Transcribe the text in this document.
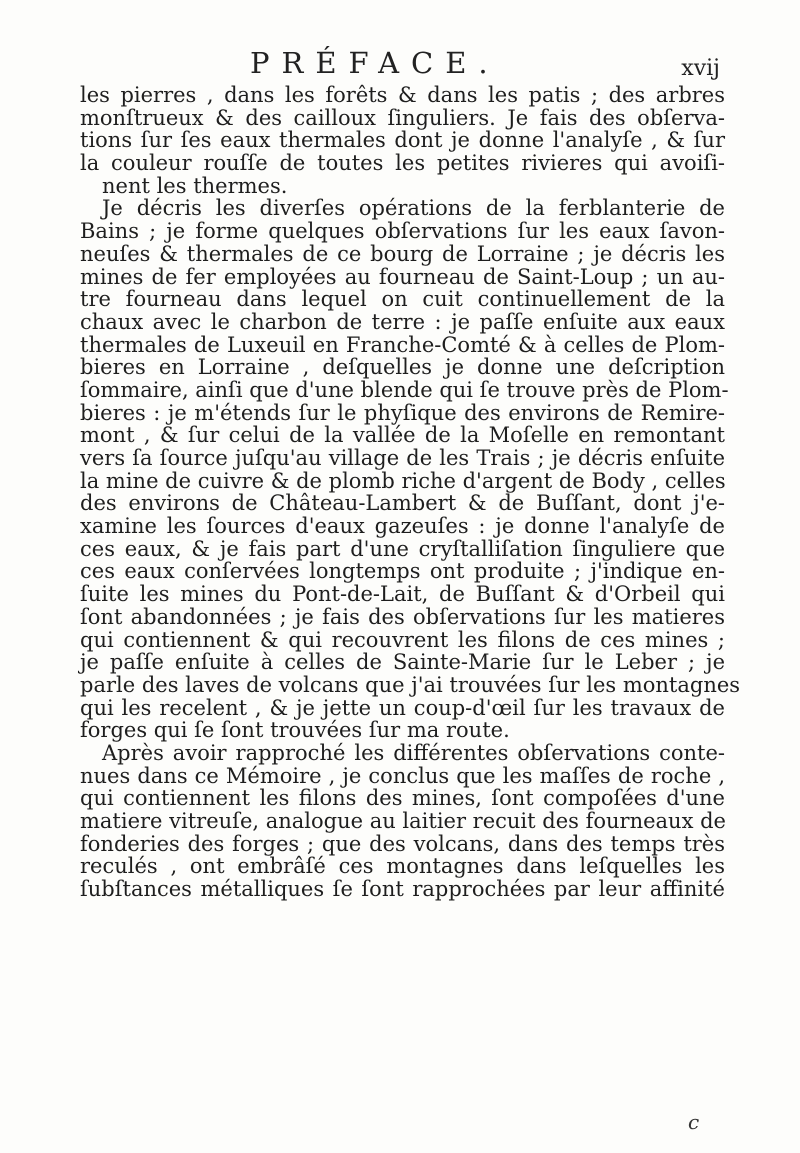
PRÉFACE.	xvij
les pierres , dans les forêts & dans les patis ; des arbres
monſtrueux & des cailloux ſinguliers. Je fais des obſerva-
tions ſur ſes eaux thermales dont je donne l'analyſe , & ſur
la couleur rouſſe de toutes les petites rivieres qui avoiſi-
nent les thermes.
Je décris les diverſes opérations de la ferblanterie de
Bains ; je forme quelques obſervations ſur les eaux ſavon-
neuſes & thermales de ce bourg de Lorraine ; je décris les
mines de fer employées au fourneau de Saint-Loup ; un au-
tre fourneau dans lequel on cuit continuellement de la
chaux avec le charbon de terre : je paſſe enſuite aux eaux
thermales de Luxeuil en Franche-Comté & à celles de Plom-
bieres en Lorraine , deſquelles je donne une deſcription
ſommaire, ainſi que d'une blende qui ſe trouve près de Plom-
bieres : je m'étends ſur le phyſique des environs de Remire-
mont , & ſur celui de la vallée de la Moſelle en remontant
vers ſa ſource juſqu'au village de les Trais ; je décris enſuite
la mine de cuivre & de plomb riche d'argent de Body , celles
des environs de Château-Lambert & de Buſſant, dont j'e-
xamine les ſources d'eaux gazeuſes : je donne l'analyſe de
ces eaux, & je fais part d'une cryſtalliſation ſinguliere que
ces eaux conſervées longtemps ont produite ; j'indique en-
ſuite les mines du Pont-de-Lait, de Buſſant & d'Orbeil qui
ſont abandonnées ; je fais des obſervations ſur les matieres
qui contiennent & qui recouvrent les filons de ces mines ;
je paſſe enſuite à celles de Sainte-Marie ſur le Leber ; je
parle des laves de volcans que j'ai trouvées ſur les montagnes
qui les recelent , & je jette un coup-d'œil ſur les travaux de
forges qui ſe ſont trouvées ſur ma route.
Après avoir rapproché les différentes obſervations conte-
nues dans ce Mémoire , je conclus que les maſſes de roche ,
qui contiennent les filons des mines, ſont compoſées d'une
matiere vitreuſe, analogue au laitier recuit des fourneaux de
fonderies des forges ; que des volcans, dans des temps très
reculés , ont embrâſé ces montagnes dans leſquelles les
ſubſtances métalliques ſe ſont rapprochées par leur affinité
c
